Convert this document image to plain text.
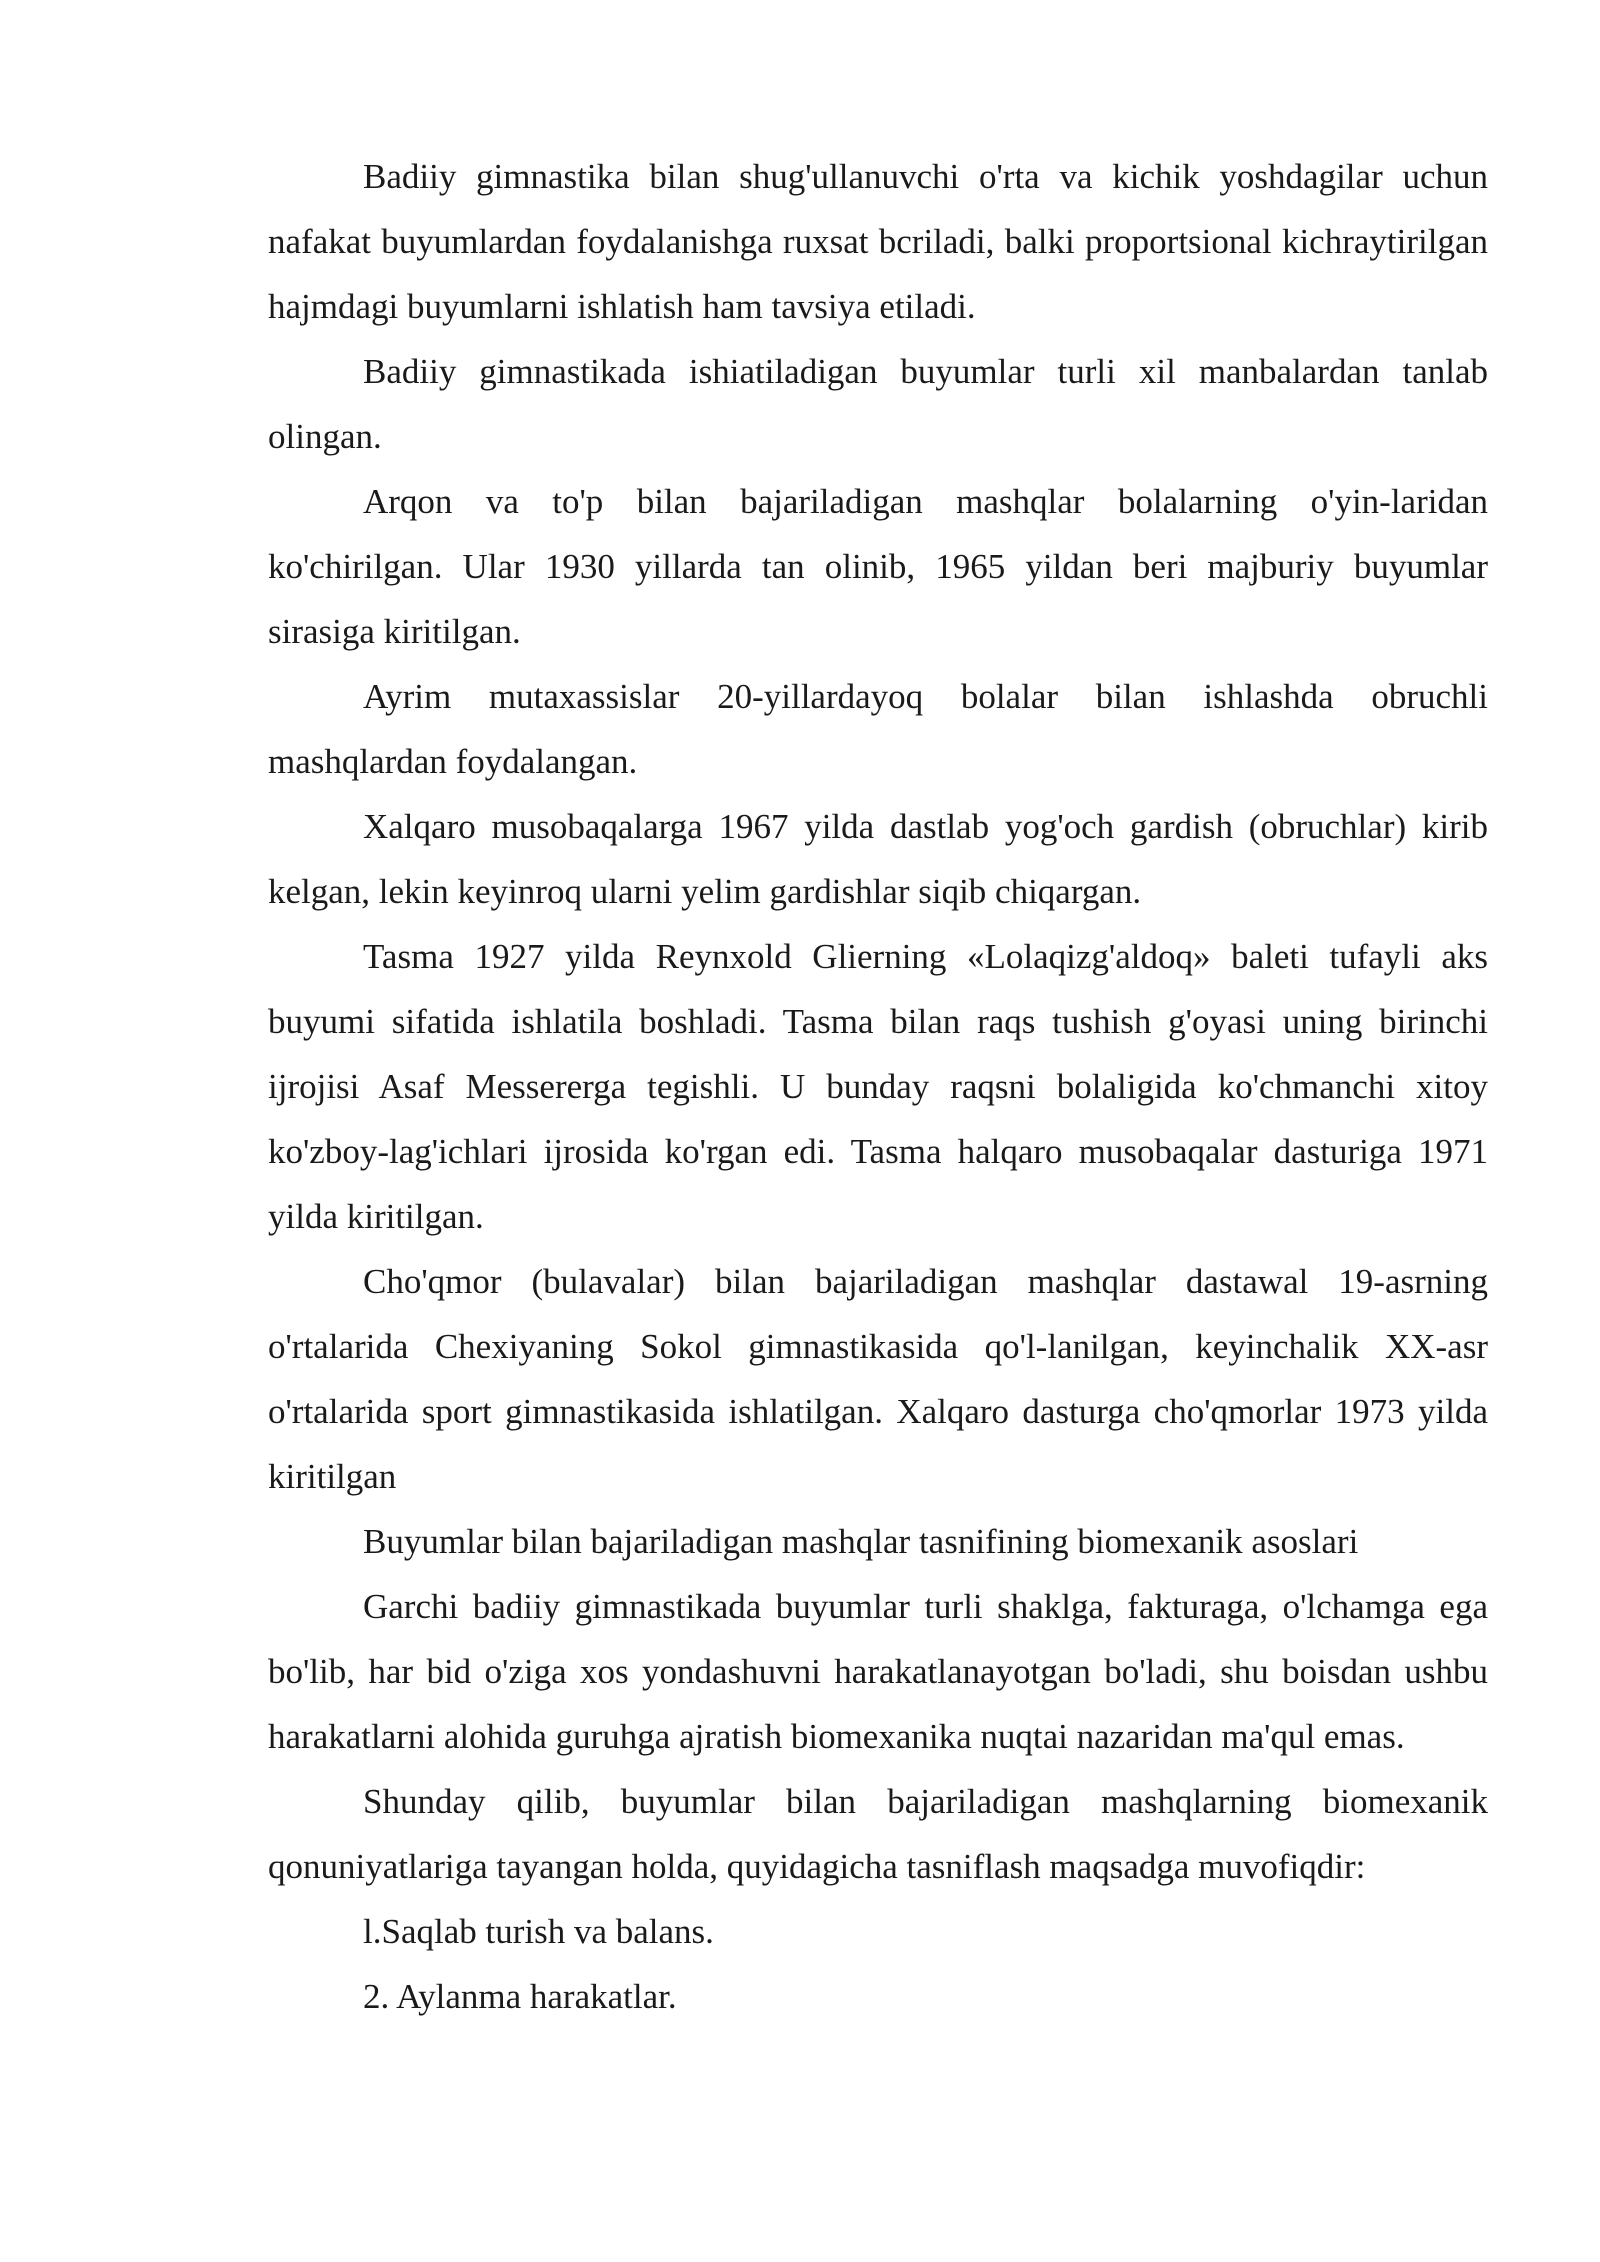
Badiiy gimnastika bilan shug'ullanuvchi o'rta va kichik yoshdagilar uchun nafakat buyumlardan foydalanishga ruxsat bcriladi, balki proportsional kichraytirilgan hajmdagi buyumlarni ishlatish ham tavsiya etiladi.

Badiiy gimnastikada ishiatiladigan buyumlar turli xil manbalardan tanlab olingan.

Arqon va to'p bilan bajariladigan mashqlar bolalarning o'yin-laridan ko'chirilgan. Ular 1930 yillarda tan olinib, 1965 yildan beri majburiy buyumlar sirasiga kiritilgan.

Ayrim mutaxassislar 20-yillardayoq bolalar bilan ishlashda obruchli mashqlardan foydalangan.

Xalqaro musobaqalarga 1967 yilda dastlab yog'och gardish (obruchlar) kirib kelgan, lekin keyinroq ularni yelim gardishlar siqib chiqargan.

Tasma 1927 yilda Reynxold Glierning «Lolaqizg'aldoq» baleti tufayli aks buyumi sifatida ishlatila boshladi. Tasma bilan raqs tushish g'oyasi uning birinchi ijrojisi Asaf Messererga tegishli. U bunday raqsni bolaligida ko'chmanchi xitoy ko'zboy-lag'ichlari ijrosida ko'rgan edi. Tasma halqaro musobaqalar dasturiga 1971 yilda kiritilgan.

Cho'qmor (bulavalar) bilan bajariladigan mashqlar dastawal 19-asrning o'rtalarida Chexiyaning Sokol gimnastikasida qo'l-lanilgan, keyinchalik XX-asr o'rtalarida sport gimnastikasida ishlatilgan. Xalqaro dasturga cho'qmorlar 1973 yilda kiritilgan

Buyumlar bilan bajariladigan mashqlar tasnifining biomexanik asoslari

Garchi badiiy gimnastikada buyumlar turli shaklga, fakturaga, o'lchamga ega bo'lib, har bid o'ziga xos yondashuvni harakatlanayotgan bo'ladi, shu boisdan ushbu harakatlarni alohida guruhga ajratish biomexanika nuqtai nazaridan ma'qul emas.

Shunday qilib, buyumlar bilan bajariladigan mashqlarning biomexanik qonuniyatlariga tayangan holda, quyidagicha tasniflash maqsadga muvofiqdir:

l.Saqlab turish va balans.

2. Aylanma harakatlar.
